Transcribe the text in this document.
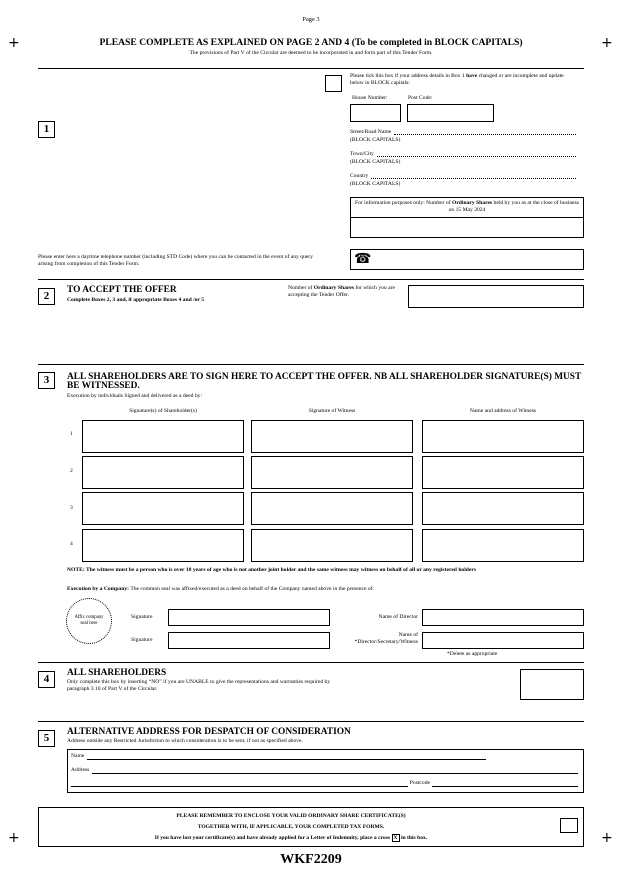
+	+
+	+
Page 3
PLEASE COMPLETE AS EXPLAINED ON PAGE 2 AND 4 (To be completed in BLOCK CAPITALS)
The provisions of Part V of the Circular are deemed to be incorporated in and form part of this Tender Form.
1
Please tick this box if your address details in Box 1 have changed or are incomplete and update below in BLOCK capitals:
House Number:	Post Code:
Street/Road Name
(BLOCK CAPITALS)
Town/City
(BLOCK CAPITALS)
Country
(BLOCK CAPITALS)
For information purposes only: Number of Ordinary Shares held by you as at the close of business on 15 May 2024
Please enter here a daytime telephone number (including STD Code) where you can be contacted in the event of any query arising from completion of this Tender Form.	☎
2	TO ACCEPT THE OFFER
Complete Boxes 2, 3 and, if appropriate Boxes 4 and /or 5
Number of Ordinary Shares for which you are accepting the Tender Offer.
3	ALL SHAREHOLDERS ARE TO SIGN HERE TO ACCEPT THE OFFER. NB ALL SHAREHOLDER SIGNATURE(S) MUST BE WITNESSED.
Execution by individuals Signed and delivered as a deed by:
Signature(s) of Shareholder(s)	Signature of Witness	Name and address of Witness
1
2
3
4
NOTE: The witness must be a person who is over 18 years of age who is not another joint holder and the same witness may witness on behalf of all or any registered holders
Execution by a Company: The common seal was affixed/executed as a deed on behalf of the Company named above in the presence of:
Affix company seal here
Signature
Signature
Name of Director
Name of
*Director/Secretary/Witness
*Delete as appropriate
4	ALL SHAREHOLDERS
Only complete this box by inserting “NO” if you are UNABLE to give the representations and warranties required by
paragraph 3.10 of Part V of the Circular.
5	ALTERNATIVE ADDRESS FOR DESPATCH OF CONSIDERATION
Address outside any Restricted Jurisdiction to which consideration is to be sent, if not as specified above.
Name
Address
Postcode
PLEASE REMEMBER TO ENCLOSE YOUR VALID ORDINARY SHARE CERTIFICATE(S)
TOGETHER WITH, IF APPLICABLE, YOUR COMPLETED TAX FORMS.
If you have lost your certificate(s) and have already applied for a Letter of Indemnity, place a cross X in this box.
WKF2209
